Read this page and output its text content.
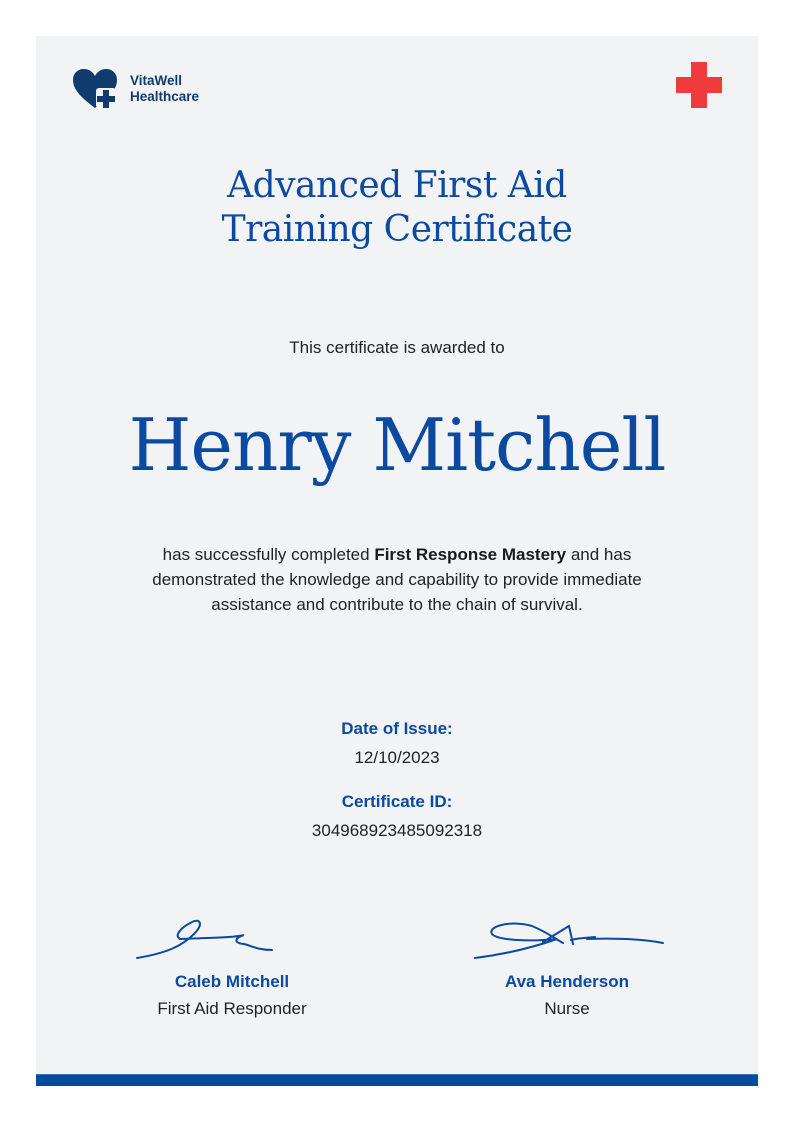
VitaWell
Healthcare
Advanced First Aid
Training Certificate
This certificate is awarded to
Henry Mitchell
has successfully completed First Response Mastery and has demonstrated the knowledge and capability to provide immediate assistance and contribute to the chain of survival.
Date of Issue:
12/10/2023
Certificate ID:
304968923485092318
Caleb Mitchell
First Aid Responder
Ava Henderson
Nurse
